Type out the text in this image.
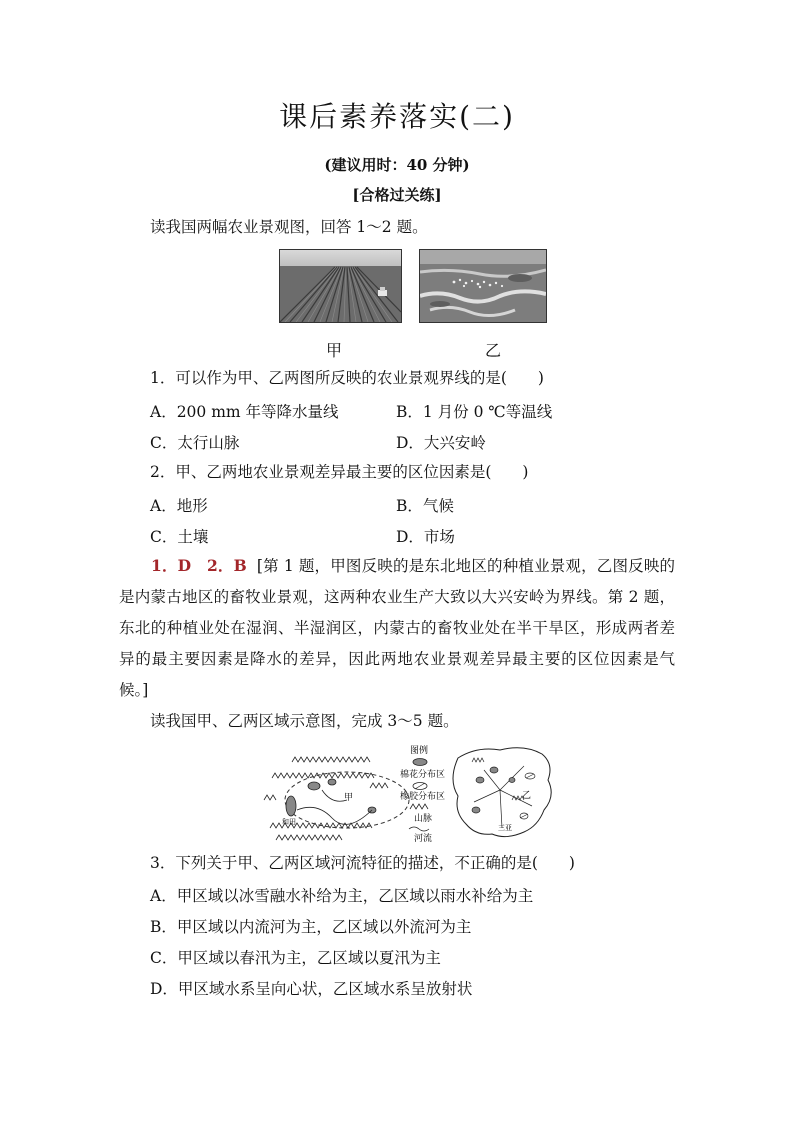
课后素养落实(二)
(建议用时：40 分钟)
[合格过关练]
读我国两幅农业景观图，回答 1～2 题。
甲	乙
1．可以作为甲、乙两图所反映的农业景观界线的是(　　)
A．200 mm 年等降水量线	B．1 月份 0 ℃等温线
C．太行山脉	D．大兴安岭
2．甲、乙两地农业景观差异最主要的区位因素是(　　)
A．地形	B．气候
C．土壤	D．市场
1．D　2．B [第 1 题，甲图反映的是东北地区的种植业景观，乙图反映的是内蒙古地区的畜牧业景观，这两种农业生产大致以大兴安岭为界线。第 2 题，东北的种植业处在湿润、半湿润区，内蒙古的畜牧业处在半干旱区，形成两者差异的最主要因素是降水的差异，因此两地农业景观差异最主要的区位因素是气候。]
读我国甲、乙两区域示意图，完成 3～5 题。
甲
和田
图例
棉花分布区
橡胶分布区
山脉
河流
乙
三亚
3．下列关于甲、乙两区域河流特征的描述，不正确的是(　　)
A．甲区域以冰雪融水补给为主，乙区域以雨水补给为主
B．甲区域以内流河为主，乙区域以外流河为主
C．甲区域以春汛为主，乙区域以夏汛为主
D．甲区域水系呈向心状，乙区域水系呈放射状
